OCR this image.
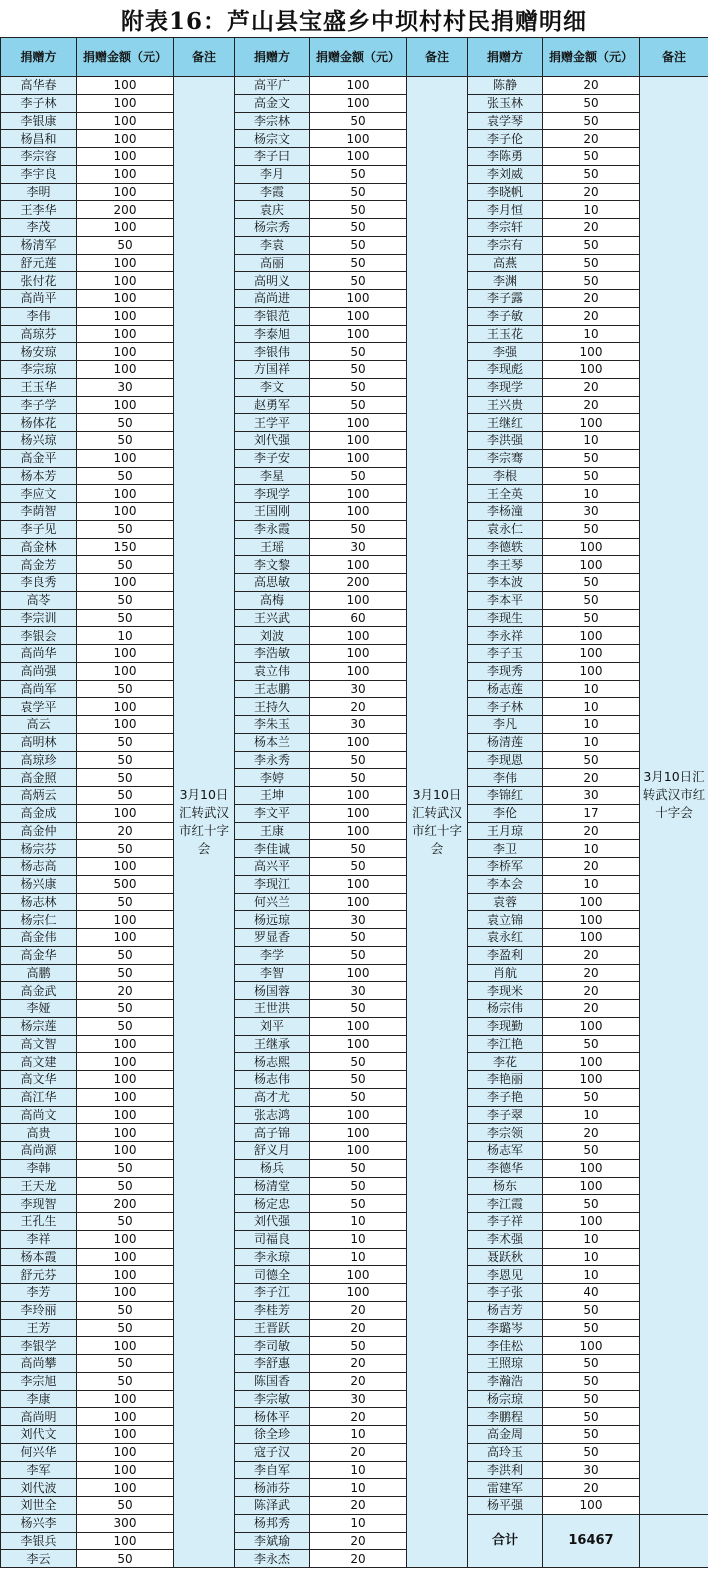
附表16：芦山县宝盛乡中坝村村民捐赠明细
捐赠方	捐赠金额（元）	备注	捐赠方	捐赠金额（元）	备注	捐赠方	捐赠金额（元）	备注
高华春	100	3月10日汇转武汉市红十字会	高平广	100	3月10日汇转武汉市红十字会	陈静	20	3月10日汇转武汉市红十字会
李子林	100		高金文	100		张玉林	50	
李银康	100		李宗林	50		袁学琴	50	
杨昌和	100		杨宗文	100		李子伦	20	
李宗容	100		李子曰	100		李陈勇	50	
李宇良	100		李月	50		李刘威	50	
李明	100		李霞	50		李晓帆	20	
王李华	200		袁庆	50		李月恒	10	
李茂	100		杨宗秀	50		李宗轩	20	
杨清军	50		李袁	50		李宗有	50	
舒元莲	100		高丽	50		高燕	50	
张付花	100		高明义	50		李渊	50	
高尚平	100		高尚进	100		李子露	20	
李伟	100		李银范	100		李子敏	20	
高琼芬	100		李泰旭	100		王玉花	10	
杨安琼	100		李银伟	50		李强	100	
李宗琼	100		方国祥	50		李现彪	100	
王玉华	30		李文	50		李现学	20	
李子学	100		赵勇军	50		王兴贵	20	
杨体花	50		王学平	100		王继红	100	
杨兴琼	50		刘代强	100		李洪强	10	
高金平	100		李子安	100		李宗骞	50	
杨本芳	50		李星	50		李根	50	
李应文	100		李现学	100		王全英	10	
李荫智	100		王国刚	100		李杨潼	30	
李子见	50		李永霞	50		袁永仁	50	
高金林	150		王瑶	30		李德轶	100	
高金芳	50		李文黎	100		李王琴	100	
李良秀	100		高思敏	200		李本波	50	
高苓	50		高梅	100		李本平	50	
李宗训	50		王兴武	60		李现生	50	
李银会	10		刘波	100		李永祥	100	
高尚华	100		李浩敏	100		李子玉	100	
高尚强	100		袁立伟	100		李现秀	100	
高尚军	50		王志鹏	30		杨志莲	10	
袁学平	100		王持久	20		李子林	10	
高云	100		李朱玉	30		李凡	10	
高明林	50		杨本兰	100		杨清莲	10	
高琼珍	50		李永秀	50		李现恩	50	
高金照	50		李婷	50		李伟	20	
高炳云	50		王坤	100		李锦红	30	
高金成	100		李文平	100		李伦	17	
高金仲	20		王康	100		王月琼	20	
杨宗芬	50		李佳诚	50		李卫	10	
杨志高	100		高兴平	50		李桥军	20	
杨兴康	500		李现江	100		李本会	10	
杨志林	50		何兴兰	100		袁蓉	100	
杨宗仁	100		杨远琼	30		袁立锦	100	
高金伟	100		罗显香	50		袁永红	100	
高金华	50		李学	50		李盈利	20	
高鹏	50		李智	100		肖航	20	
高金武	20		杨国蓉	30		李现米	20	
李娅	50		王世洪	50		杨宗伟	20	
杨宗莲	50		刘平	100		李现勤	100	
高文智	100		王继承	100		李江艳	50	
高文建	100		杨志熙	50		李花	100	
高文华	100		杨志伟	50		李艳丽	100	
高江华	100		高才尤	50		李子艳	50	
高尚文	100		张志鸿	100		李子翠	10	
高贵	100		高子锦	100		李宗领	20	
高尚源	100		舒义月	100		杨志军	50	
李韩	50		杨兵	50		李德华	100	
王天龙	50		杨清堂	50		杨东	100	
李现智	200		杨定忠	50		李江霞	50	
王孔生	50		刘代强	10		李子祥	100	
李祥	100		司福良	10		李术强	10	
杨本霞	100		李永琼	10		聂跃秋	10	
舒元芬	100		司德全	100		李恩见	10	
李芳	100		李子江	100		李子张	40	
李玲丽	50		李桂芳	20		杨吉芳	50	
王芳	50		王晋跃	20		李璐岑	50	
李银学	100		李司敏	50		李佳松	100	
高尚攀	50		李舒惠	20		王照琼	50	
李宗旭	50		陈国香	20		李瀚浩	50	
李康	100		李宗敏	30		杨宗琼	50	
高尚明	100		杨体平	20		李鹏程	50	
刘代文	100		徐全珍	10		高金周	50	
何兴华	100		寇子汉	20		高玲玉	50	
李军	100		李自军	10		李洪利	30	
刘代波	100		杨沛芬	10		雷建军	20	
刘世全	50		陈泽武	20		杨平强	100	
杨兴李	300		杨邦秀	10		合计	16467	
李银兵	100		李斌瑜	20				
李云	50		李永杰	20				
